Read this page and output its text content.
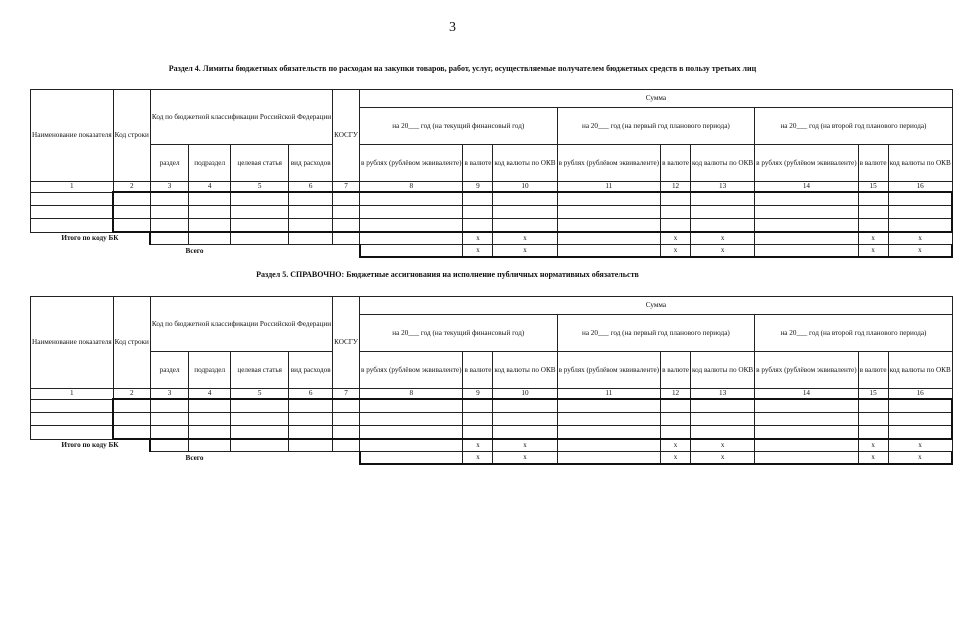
3
Раздел 4. Лимиты бюджетных обязательств по расходам на закупки товаров, работ, услуг, осуществляемые получателем бюджетных средств в пользу третьих лиц
Наименование показателя	Код строки	Код по бюджетной классификации Российской Федерации				КОСГУ	Сумма								
							на 20___ год (на текущий финансовый год)			на 20___ год (на первый год планового периода)			на 20___ год (на второй год планового периода)		
		раздел	подраздел	целевая статья	вид расходов		в рублях (рублёвом эквиваленте)	в валюте	код валюты по ОКВ	в рублях (рублёвом эквиваленте)	в валюте	код валюты по ОКВ	в рублях (рублёвом эквиваленте)	в валюте	код валюты по ОКВ
1	2	3	4	5	6	7	8	9	10	11	12	13	14	15	16

Итого по коду БК								х	х		х	х		х	х
Всего								х	х		х	х		х	х
Раздел 5. СПРАВОЧНО: Бюджетные ассигнования на исполнение публичных нормативных обязательств
Наименование показателя	Код строки	Код по бюджетной классификации Российской Федерации				КОСГУ	Сумма								
							на 20___ год (на текущий финансовый год)			на 20___ год (на первый год планового периода)			на 20___ год (на второй год планового периода)		
		раздел	подраздел	целевая статья	вид расходов		в рублях (рублёвом эквиваленте)	в валюте	код валюты по ОКВ	в рублях (рублёвом эквиваленте)	в валюте	код валюты по ОКВ	в рублях (рублёвом эквиваленте)	в валюте	код валюты по ОКВ
1	2	3	4	5	6	7	8	9	10	11	12	13	14	15	16

Итого по коду БК								х	х		х	х		х	х
Всего								х	х		х	х		х	х
